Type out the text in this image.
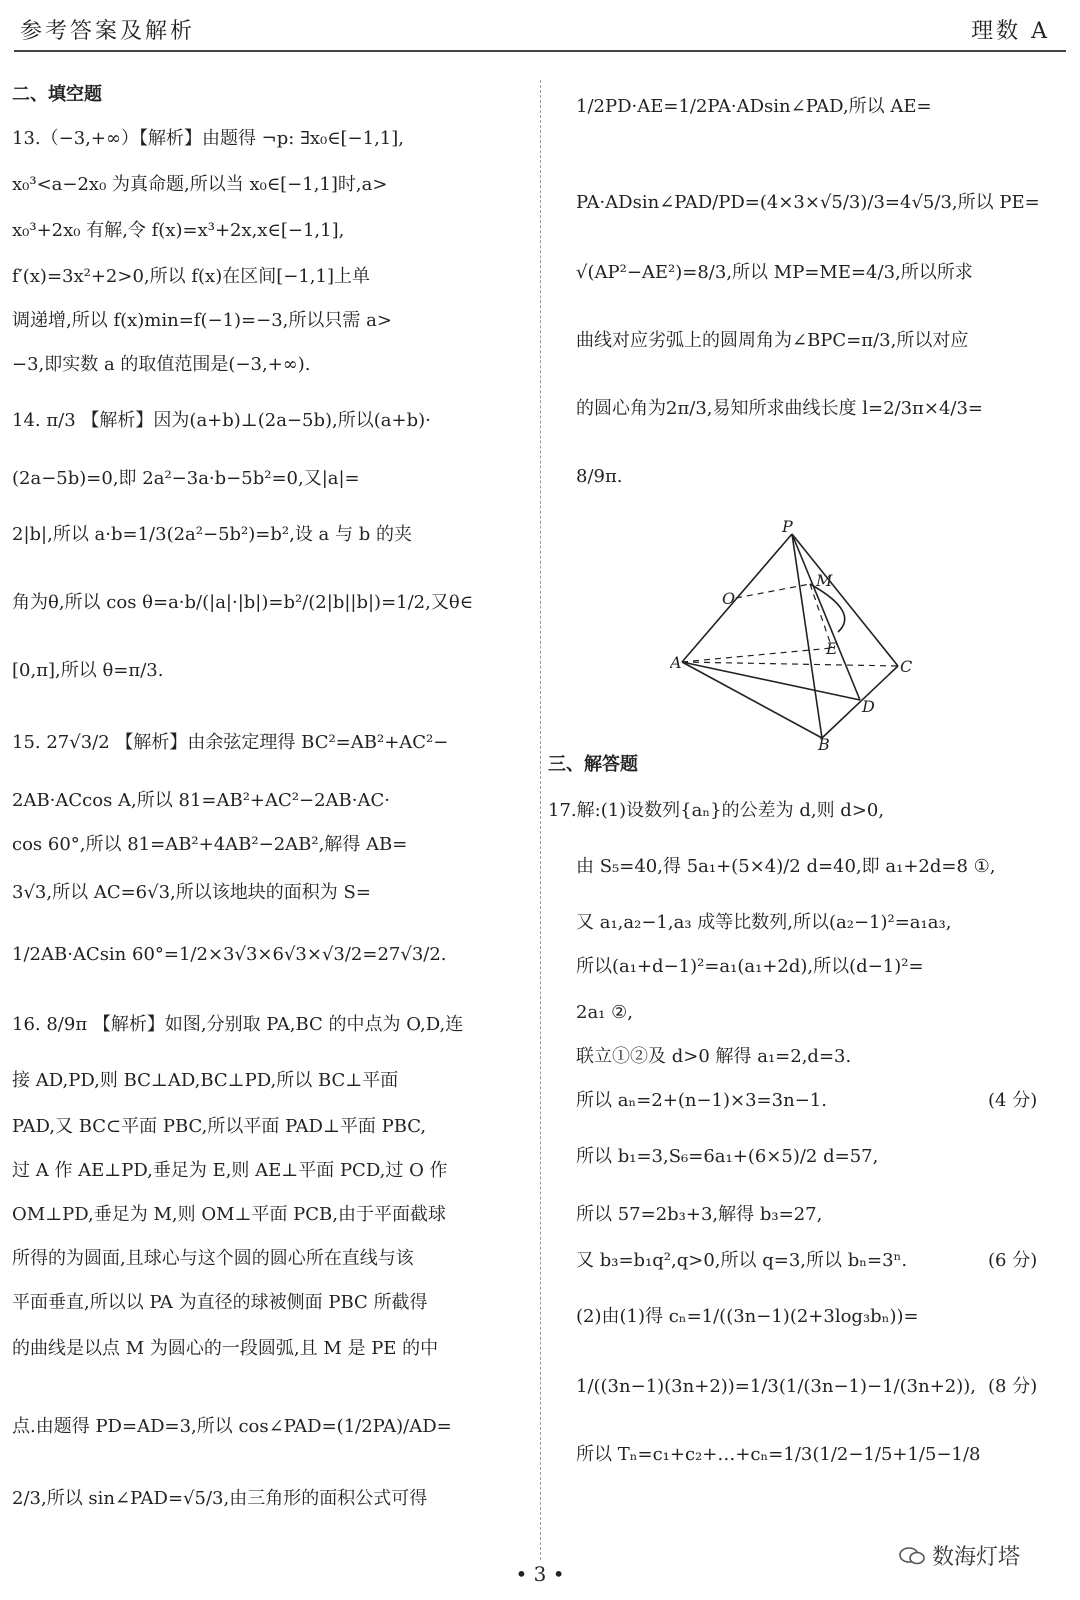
参考答案及解析	理数 A
二、填空题
13.（−3,+∞）【解析】由题得 ¬p: ∃x₀∈[−1,1],
x₀³<a−2x₀ 为真命题,所以当 x₀∈[−1,1]时,a>
x₀³+2x₀ 有解,令 f(x)=x³+2x,x∈[−1,1],
f′(x)=3x²+2>0,所以 f(x)在区间[−1,1]上单
调递增,所以 f(x)min=f(−1)=−3,所以只需 a>
−3,即实数 a 的取值范围是(−3,+∞).
14. π/3 【解析】因为(a+b)⊥(2a−5b),所以(a+b)·
(2a−5b)=0,即 2a²−3a·b−5b²=0,又|a|=
2|b|,所以 a·b=1/3(2a²−5b²)=b²,设 a 与 b 的夹
角为θ,所以 cos θ=a·b/(|a|·|b|)=b²/(2|b||b|)=1/2,又θ∈
[0,π],所以 θ=π/3.
15. 27√3/2 【解析】由余弦定理得 BC²=AB²+AC²−
2AB·ACcos A,所以 81=AB²+AC²−2AB·AC·
cos 60°,所以 81=AB²+4AB²−2AB²,解得 AB=
3√3,所以 AC=6√3,所以该地块的面积为 S=
1/2AB·ACsin 60°=1/2×3√3×6√3×√3/2=27√3/2.
16. 8/9π 【解析】如图,分别取 PA,BC 的中点为 O,D,连
接 AD,PD,则 BC⊥AD,BC⊥PD,所以 BC⊥平面
PAD,又 BC⊂平面 PBC,所以平面 PAD⊥平面 PBC,
过 A 作 AE⊥PD,垂足为 E,则 AE⊥平面 PCD,过 O 作
OM⊥PD,垂足为 M,则 OM⊥平面 PCB,由于平面截球
所得的为圆面,且球心与这个圆的圆心所在直线与该
平面垂直,所以以 PA 为直径的球被侧面 PBC 所截得
的曲线是以点 M 为圆心的一段圆弧,且 M 是 PE 的中
点.由题得 PD=AD=3,所以 cos∠PAD=(1/2PA)/AD=
2/3,所以 sin∠PAD=√5/3,由三角形的面积公式可得
1/2PD·AE=1/2PA·ADsin∠PAD,所以 AE=
PA·ADsin∠PAD/PD=(4×3×√5/3)/3=4√5/3,所以 PE=
√(AP²−AE²)=8/3,所以 MP=ME=4/3,所以所求
曲线对应劣弧上的圆周角为∠BPC=π/3,所以对应
的圆心角为2π/3,易知所求曲线长度 l=2/3π×4/3=
8/9π.
P
M
O
E
A	C
D
B
三、解答题
17.解:(1)设数列{aₙ}的公差为 d,则 d>0,
由 S₅=40,得 5a₁+(5×4)/2 d=40,即 a₁+2d=8 ①,
又 a₁,a₂−1,a₃ 成等比数列,所以(a₂−1)²=a₁a₃,
所以(a₁+d−1)²=a₁(a₁+2d),所以(d−1)²=
2a₁ ②,
联立①②及 d>0 解得 a₁=2,d=3.
所以 aₙ=2+(n−1)×3=3n−1.	(4 分)
所以 b₁=3,S₆=6a₁+(6×5)/2 d=57,
所以 57=2b₃+3,解得 b₃=27,
又 b₃=b₁q²,q>0,所以 q=3,所以 bₙ=3ⁿ.	(6 分)
(2)由(1)得 cₙ=1/((3n−1)(2+3log₃bₙ))=
1/((3n−1)(3n+2))=1/3(1/(3n−1)−1/(3n+2)), (8 分)
所以 Tₙ=c₁+c₂+…+cₙ=1/3(1/2−1/5+1/5−1/8
数海灯塔
• 3 •
